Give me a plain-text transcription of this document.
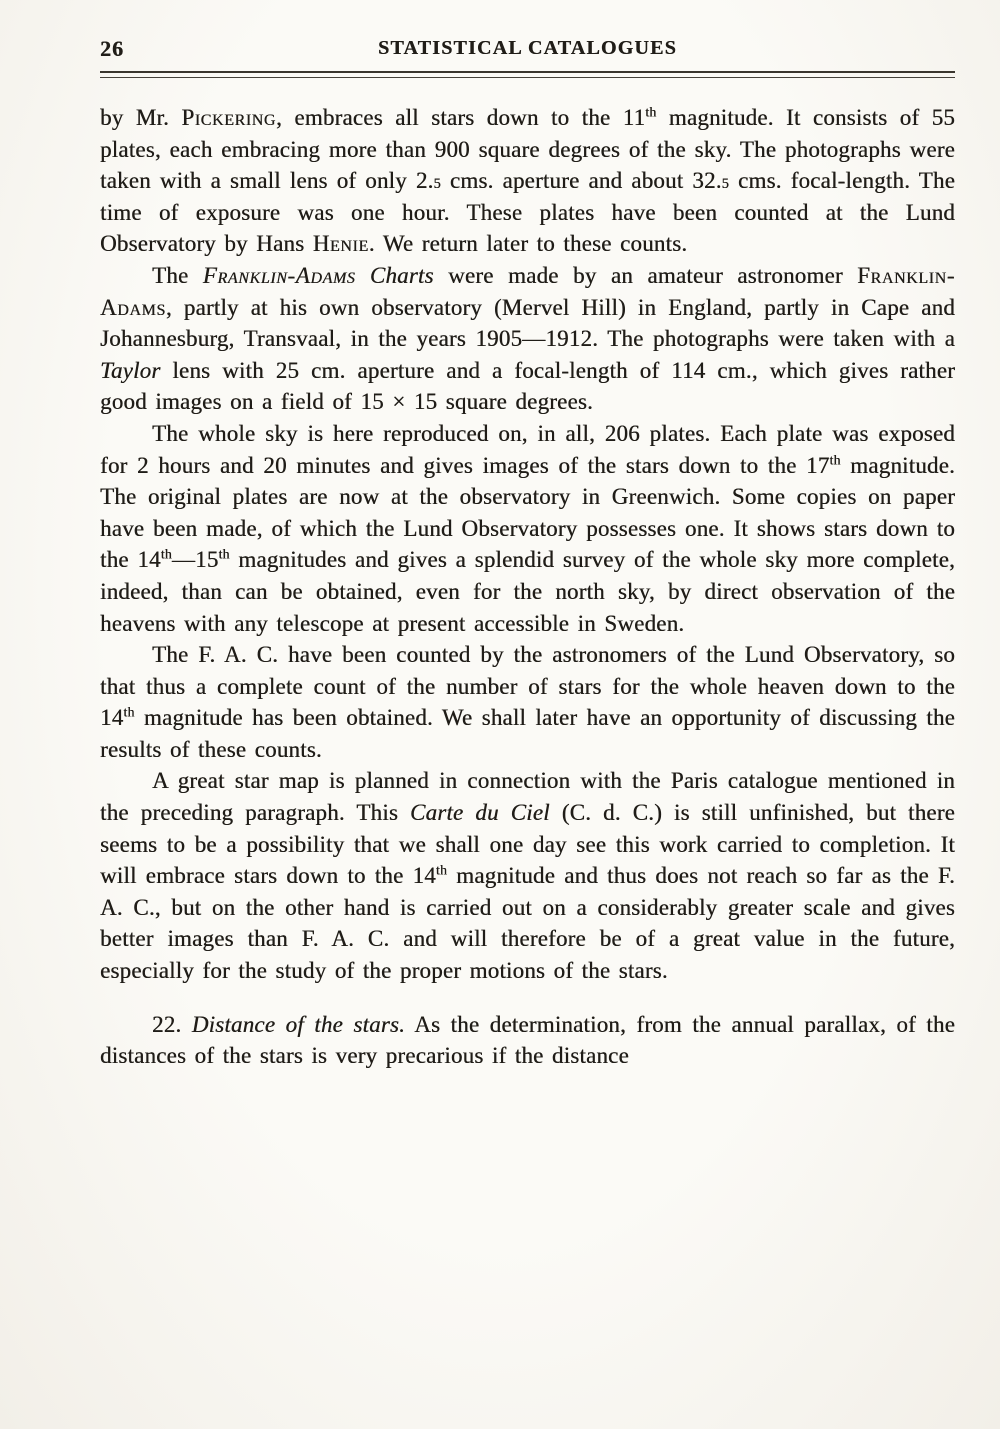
26	STATISTICAL CATALOGUES

by Mr. Pickering, embraces all stars down to the 11th magnitude. It consists of 55 plates, each embracing more than 900 square degrees of the sky. The photographs were taken with a small lens of only 2.5 cms. aperture and about 32.5 cms. focal-length. The time of exposure was one hour. These plates have been counted at the Lund Observatory by Hans Henie. We return later to these counts.

The Franklin-Adams Charts were made by an amateur astronomer Franklin-Adams, partly at his own observatory (Mervel Hill) in England, partly in Cape and Johannesburg, Transvaal, in the years 1905—1912. The photographs were taken with a Taylor lens with 25 cm. aperture and a focal-length of 114 cm., which gives rather good images on a field of 15 × 15 square degrees.

The whole sky is here reproduced on, in all, 206 plates. Each plate was exposed for 2 hours and 20 minutes and gives images of the stars down to the 17th magnitude. The original plates are now at the observatory in Greenwich. Some copies on paper have been made, of which the Lund Observatory possesses one. It shows stars down to the 14th—15th magnitudes and gives a splendid survey of the whole sky more complete, indeed, than can be obtained, even for the north sky, by direct observation of the heavens with any telescope at present accessible in Sweden.

The F. A. C. have been counted by the astronomers of the Lund Observatory, so that thus a complete count of the number of stars for the whole heaven down to the 14th magnitude has been obtained. We shall later have an opportunity of discussing the results of these counts.

A great star map is planned in connection with the Paris catalogue mentioned in the preceding paragraph. This Carte du Ciel (C. d. C.) is still unfinished, but there seems to be a possibility that we shall one day see this work carried to completion. It will embrace stars down to the 14th magnitude and thus does not reach so far as the F. A. C., but on the other hand is carried out on a considerably greater scale and gives better images than F. A. C. and will therefore be of a great value in the future, especially for the study of the proper motions of the stars.

22. Distance of the stars. As the determination, from the annual parallax, of the distances of the stars is very precarious if the distance
